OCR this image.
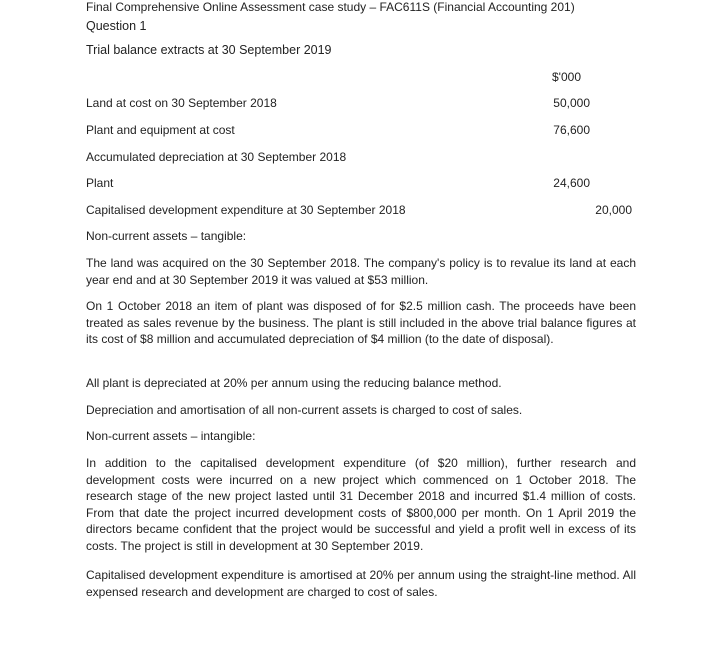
Final Comprehensive Online Assessment case study – FAC611S (Financial Accounting 201)
Question 1
Trial balance extracts at 30 September 2019
$'000
Land at cost on 30 September 2018	50,000
Plant and equipment at cost	76,600
Accumulated depreciation at 30 September 2018
Plant	24,600
Capitalised development expenditure at 30 September 2018	20,000
Non-current assets – tangible:
The land was acquired on the 30 September 2018. The company's policy is to revalue its land at each year end and at 30 September 2019 it was valued at $53 million.
On 1 October 2018 an item of plant was disposed of for $2.5 million cash. The proceeds have been treated as sales revenue by the business. The plant is still included in the above trial balance figures at its cost of $8 million and accumulated depreciation of $4 million (to the date of disposal).
All plant is depreciated at 20% per annum using the reducing balance method.
Depreciation and amortisation of all non-current assets is charged to cost of sales.
Non-current assets – intangible:
In addition to the capitalised development expenditure (of $20 million), further research and development costs were incurred on a new project which commenced on 1 October 2018. The research stage of the new project lasted until 31 December 2018 and incurred $1.4 million of costs. From that date the project incurred development costs of $800,000 per month. On 1 April 2019 the directors became confident that the project would be successful and yield a profit well in excess of its costs. The project is still in development at 30 September 2019.
Capitalised development expenditure is amortised at 20% per annum using the straight-line method. All expensed research and development are charged to cost of sales.
